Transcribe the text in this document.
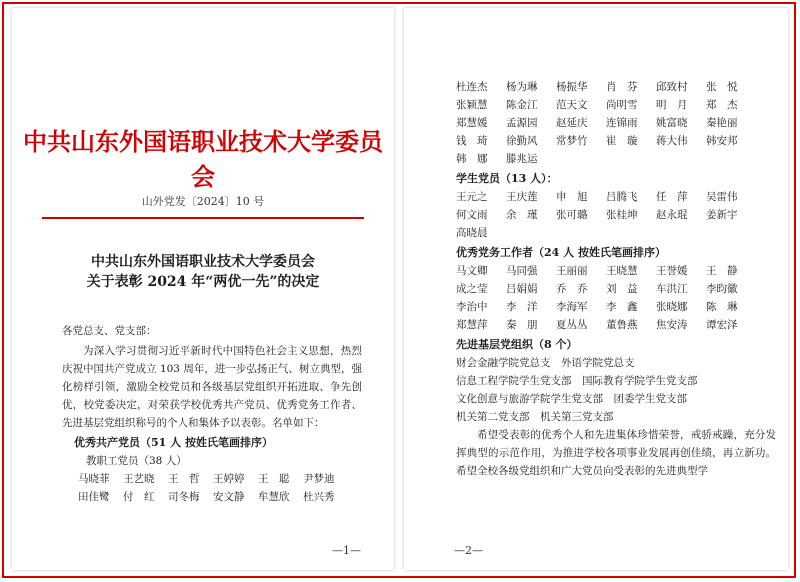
中共山东外国语职业技术大学委员会
山外党发〔2024〕10 号
中共山东外国语职业技术大学委员会
关于表彰 2024 年“两优一先”的决定

各党总支、党支部：

为深入学习贯彻习近平新时代中国特色社会主义思想，热烈庆祝中国共产党成立 103 周年，进一步弘扬正气、树立典型，强化榜样引领，激励全校党员和各级基层党组织开拓进取、争先创优，校党委决定，对荣获学校优秀共产党员、优秀党务工作者、先进基层党组织称号的个人和集体予以表彰。名单如下：

优秀共产党员（51 人 按姓氏笔画排序）
教职工党员（38 人）
马晓菲	王艺晓	王　哲	王婷婷	王　聪	尹梦迪
田佳鹭	付　红	司冬梅	安文静	牟慧欣	杜兴秀
—1—
杜连杰	杨为琳	杨振华	肖　芬	邱致村	张　悦
张颖慧	陈金江	范天文	尚明雪	明　月	郑　杰
郑慧媛	孟源园	赵延庆	连锦雨	姚富晓	秦艳丽
钱　琦	徐勤风	常梦竹	崔　璇	蒋大伟	韩安邦
韩　娜	滕兆运
学生党员（13 人）：
王元之	王庆莲	申　旭	吕腾飞	任　萍	吴雷伟
何文雨	余　瑾	张可璐	张桂坤	赵永琨	姜新宇
高晓晨
优秀党务工作者（24 人 按姓氏笔画排序）
马文卿	马同强	王丽丽	王晓慧	王誉媛	王　静
成之莹	吕娟娟	乔　乔	刘　益	车洪江	李昀徽
李治中	李　洋	李海军	李　鑫	张晓娜	陈　琳
郑慧萍	秦　朋	夏丛丛	董鲁燕	焦安涛	谭宏泽
先进基层党组织（8 个）
财会金融学院党总支　外语学院党总支
信息工程学院学生党支部　国际教育学院学生党支部
文化创意与旅游学院学生党支部　团委学生党支部
机关第二党支部　机关第三党支部

希望受表彰的优秀个人和先进集体珍惜荣誉，戒骄戒躁，充分发挥典型的示范作用，为推进学校各项事业发展再创佳绩，再立新功。希望全校各级党组织和广大党员向受表彰的先进典型学

—2—
